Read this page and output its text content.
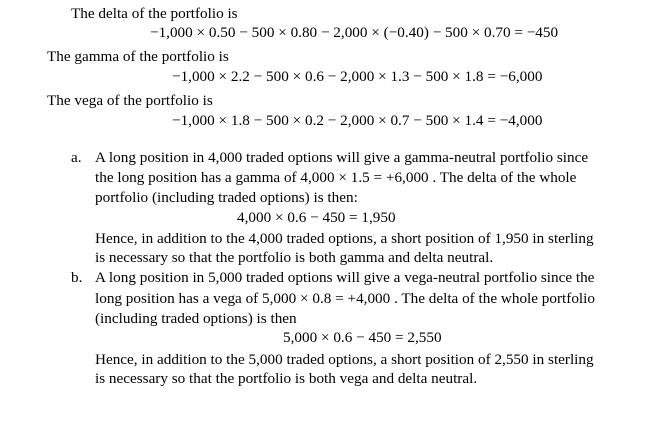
The delta of the portfolio is
−1,000 × 0.50 − 500 × 0.80 − 2,000 × (−0.40) − 500 × 0.70 = −450
The gamma of the portfolio is
−1,000 × 2.2 − 500 × 0.6 − 2,000 × 1.3 − 500 × 1.8 = −6,000
The vega of the portfolio is
−1,000 × 1.8 − 500 × 0.2 − 2,000 × 0.7 − 500 × 1.4 = −4,000
a. A long position in 4,000 traded options will give a gamma-neutral portfolio since
the long position has a gamma of 4,000 × 1.5 = +6,000 . The delta of the whole
portfolio (including traded options) is then:
4,000 × 0.6 − 450 = 1,950
Hence, in addition to the 4,000 traded options, a short position of 1,950 in sterling
is necessary so that the portfolio is both gamma and delta neutral.
b. A long position in 5,000 traded options will give a vega-neutral portfolio since the
long position has a vega of 5,000 × 0.8 = +4,000 . The delta of the whole portfolio
(including traded options) is then
5,000 × 0.6 − 450 = 2,550
Hence, in addition to the 5,000 traded options, a short position of 2,550 in sterling
is necessary so that the portfolio is both vega and delta neutral.
